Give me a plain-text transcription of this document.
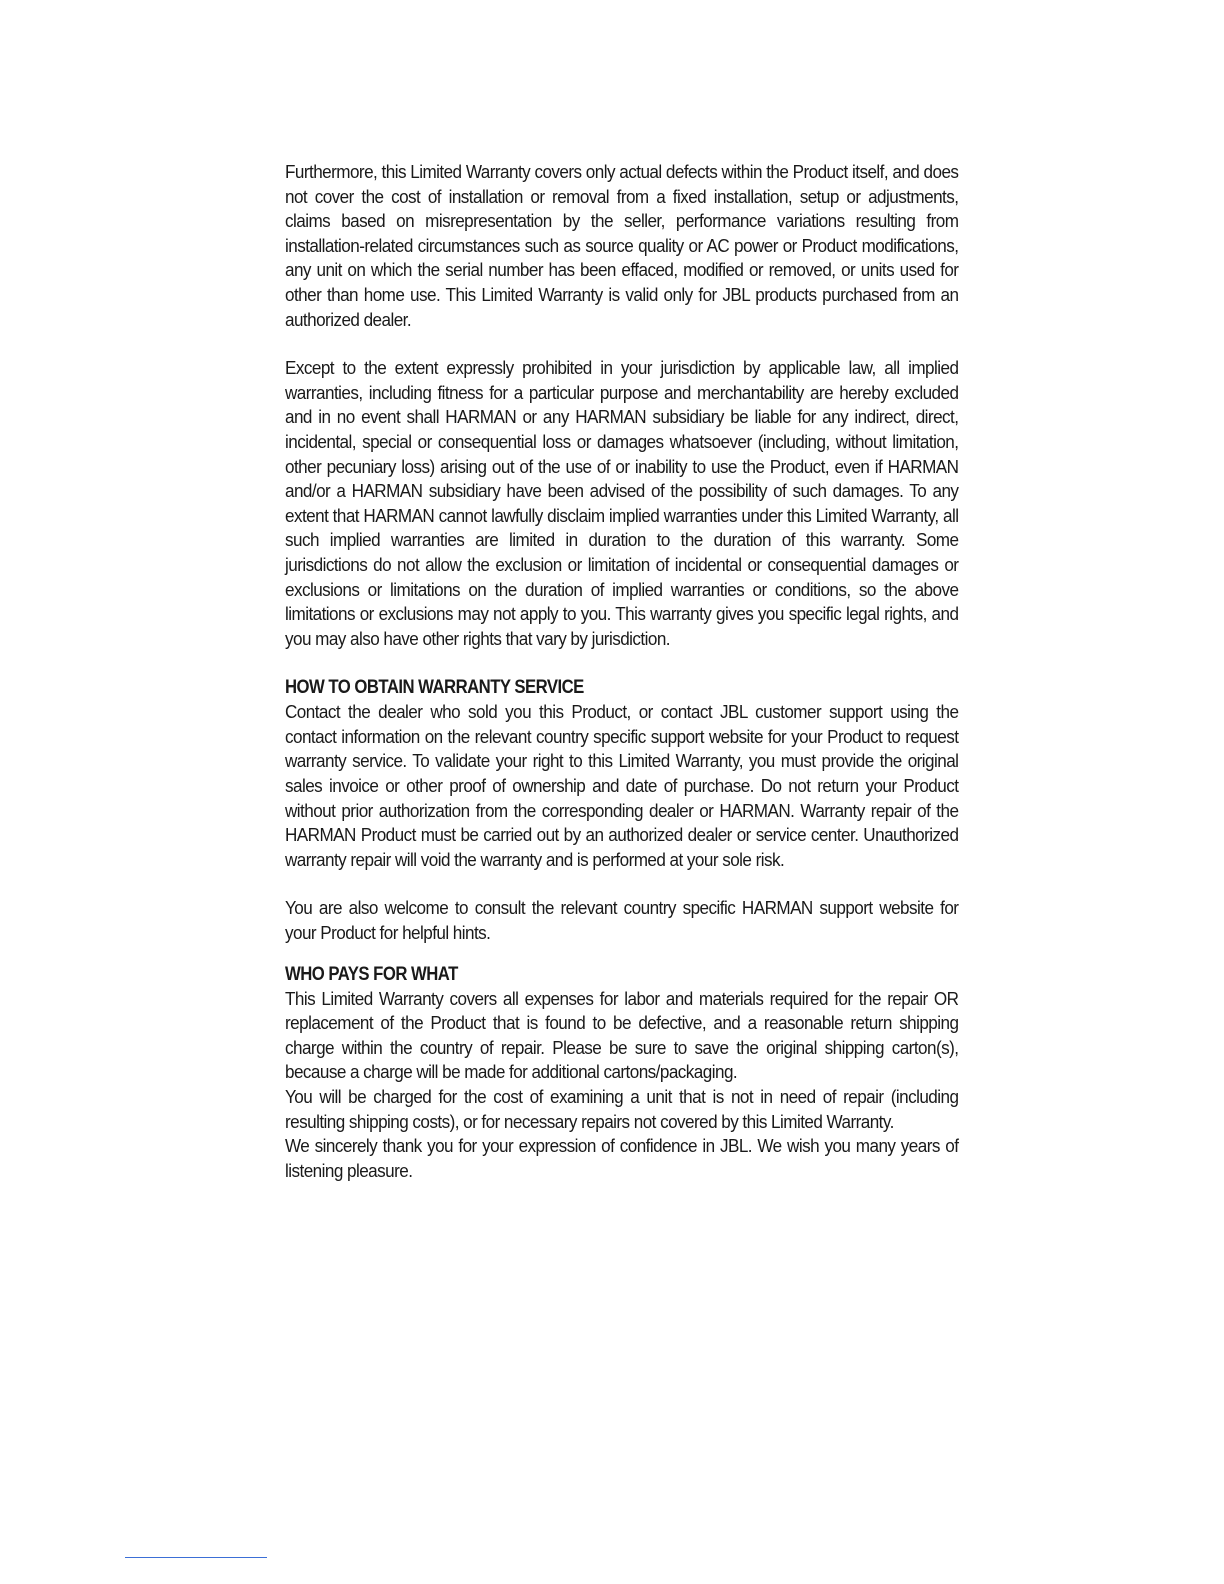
Furthermore, this Limited Warranty covers only actual defects within the Product itself, and does not cover the cost of installation or removal from a fixed installation, setup or adjustments, claims based on misrepresentation by the seller, performance variations resulting from installation-related circumstances such as source quality or AC power or Product modifications, any unit on which the serial number has been effaced, modified or removed, or units used for other than home use. This Limited Warranty is valid only for JBL products purchased from an authorized dealer.

Except to the extent expressly prohibited in your jurisdiction by applicable law, all implied warranties, including fitness for a particular purpose and merchantability are hereby excluded and in no event shall HARMAN or any HARMAN subsidiary be liable for any indirect, direct, incidental, special or consequential loss or damages whatsoever (including, without limitation, other pecuniary loss) arising out of the use of or inability to use the Product, even if HARMAN and/or a HARMAN subsidiary have been advised of the possibility of such damages. To any extent that HARMAN cannot lawfully disclaim implied warranties under this Limited Warranty, all such implied warranties are limited in duration to the duration of this warranty. Some jurisdictions do not allow the exclusion or limitation of incidental or consequential damages or exclusions or limitations on the duration of implied warranties or conditions, so the above limitations or exclusions may not apply to you. This warranty gives you specific legal rights, and you may also have other rights that vary by jurisdiction.

HOW TO OBTAIN WARRANTY SERVICE

Contact the dealer who sold you this Product, or contact JBL customer support using the contact information on the relevant country specific support website for your Product to request warranty service. To validate your right to this Limited Warranty, you must provide the original sales invoice or other proof of ownership and date of purchase. Do not return your Product without prior authorization from the corresponding dealer or HARMAN. Warranty repair of the HARMAN Product must be carried out by an authorized dealer or service center. Unauthorized warranty repair will void the warranty and is performed at your sole risk.

You are also welcome to consult the relevant country specific HARMAN support website for your Product for helpful hints.

WHO PAYS FOR WHAT

This Limited Warranty covers all expenses for labor and materials required for the repair OR replacement of the Product that is found to be defective, and a reasonable return shipping charge within the country of repair. Please be sure to save the original shipping carton(s), because a charge will be made for additional cartons/packaging.

You will be charged for the cost of examining a unit that is not in need of repair (including resulting shipping costs), or for necessary repairs not covered by this Limited Warranty.

We sincerely thank you for your expression of confidence in JBL. We wish you many years of listening pleasure.
